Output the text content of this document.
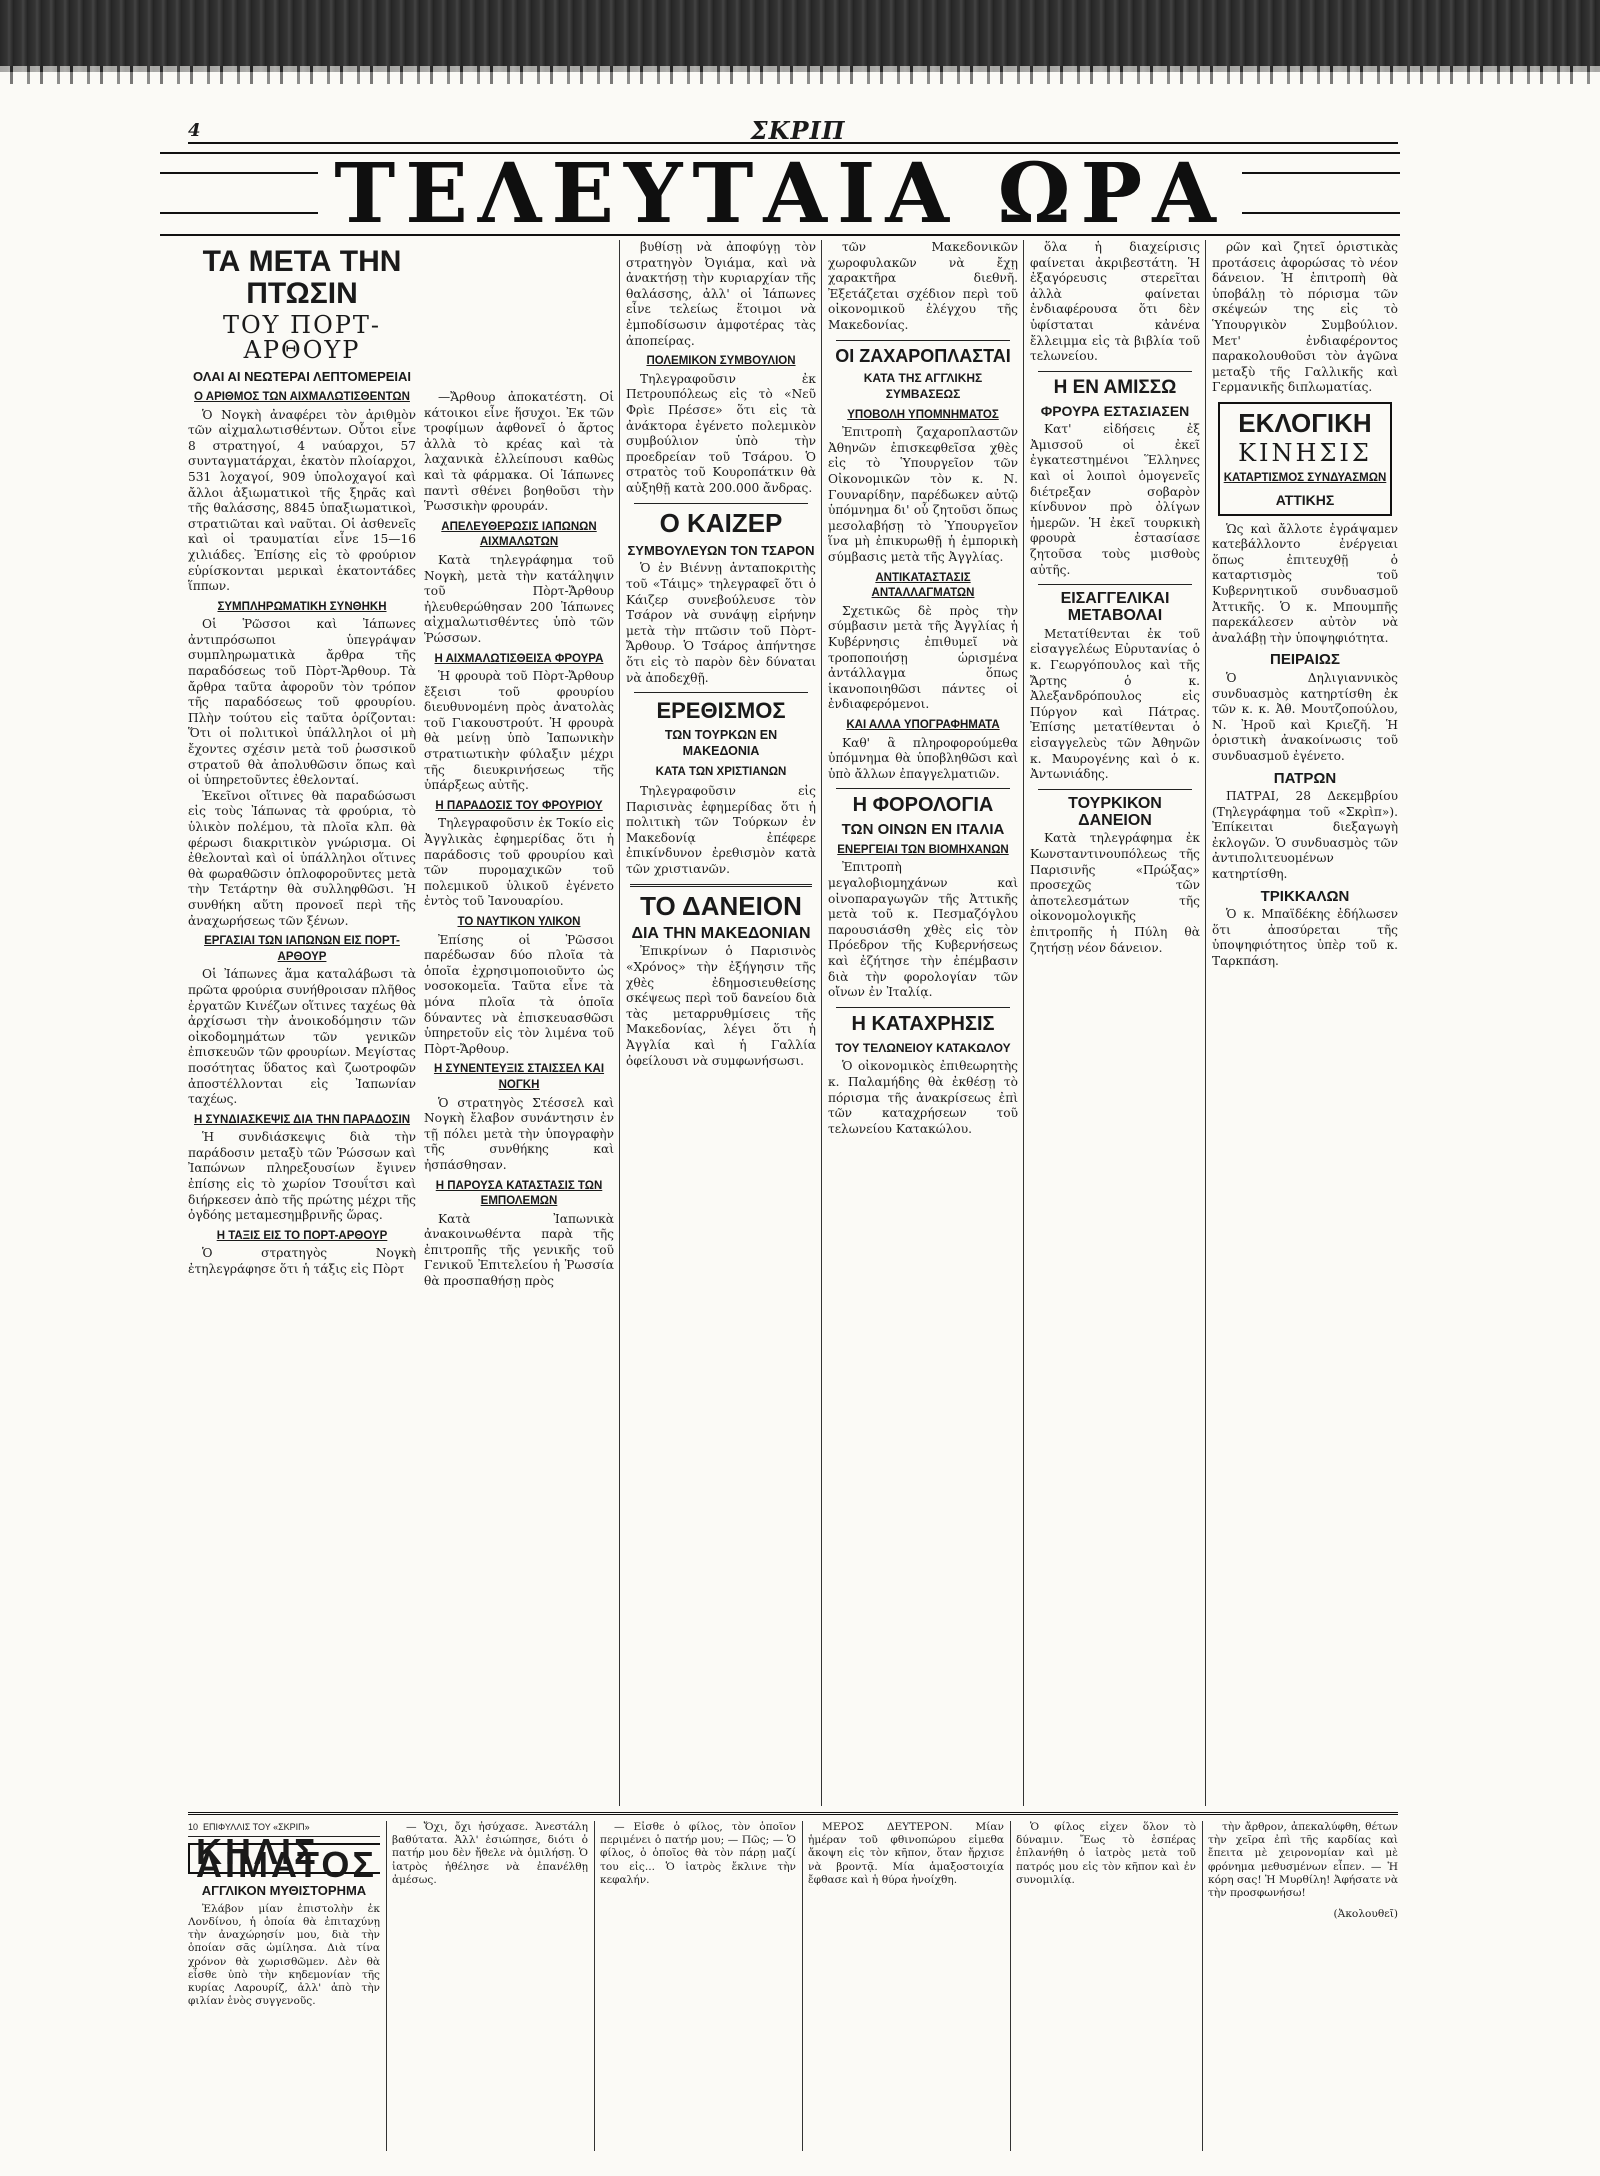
4	ΣΚΡΙΠ
ΤΕΛΕΥΤΑΙΑ ΩΡΑ
ΤΑ ΜΕΤΑ ΤΗΝ ΠΤΩΣΙΝ
ΤΟΥ ΠΟΡΤ-ΑΡΘΟΥΡ
ΟΛΑΙ ΑΙ ΝΕΩΤΕΡΑΙ ΛΕΠΤΟΜΕΡΕΙΑΙ
Ο ΑΡΙΘΜΟΣ ΤΩΝ ΑΙΧΜΑΛΩΤΙΣΘΕΝΤΩΝ

Ὁ Νογκὴ ἀναφέρει τὸν ἀριθμὸν τῶν αἰχμαλωτισθέντων. Οὗτοι εἶνε 8 στρατηγοί, 4 ναύαρχοι, 57 συνταγματάρχαι, ἑκατὸν πλοίαρχοι, 531 λοχαγοί, 909 ὑπολοχαγοί καὶ ἄλλοι ἀξιωματικοὶ τῆς ξηρᾶς καὶ τῆς θαλάσσης, 8845 ὑπαξιωματικοὶ, στρατιῶται καὶ ναῦται. Οἱ ἀσθενεῖς καὶ οἱ τραυματίαι εἶνε 15—16 χιλιάδες. Ἐπίσης εἰς τὸ φρούριον εὑρίσκονται μερικαὶ ἑκατοντάδες ἵππων.

ΣΥΜΠΛΗΡΩΜΑΤΙΚΗ ΣΥΝΘΗΚΗ

Οἱ Ῥῶσσοι καὶ Ἰάπωνες ἀντιπρόσωποι ὑπεγράψαν συμπληρωματικὰ ἄρθρα τῆς παραδόσεως τοῦ Πὸρτ-Ἄρθουρ. Τὰ ἄρθρα ταῦτα ἀφοροῦν τὸν τρόπον τῆς παραδόσεως τοῦ φρουρίου. Πλὴν τούτου εἰς ταῦτα ὁρίζονται: Ὅτι οἱ πολιτικοὶ ὑπάλληλοι οἱ μὴ ἔχοντες σχέσιν μετὰ τοῦ ῥωσσικοῦ στρατοῦ θὰ ἀπολυθῶσιν ὅπως καὶ οἱ ὑπηρετοῦντες ἐθελονταί.

Ἐκεῖνοι οἵτινες θὰ παραδώσωσι εἰς τοὺς Ἰάπωνας τὰ φρούρια, τὸ ὑλικὸν πολέμου, τὰ πλοῖα κλπ. θὰ φέρωσι διακριτικὸν γνώρισμα. Οἱ ἐθελονταὶ καὶ οἱ ὑπάλληλοι οἵτινες θὰ φωραθῶσιν ὁπλοφοροῦντες μετὰ τὴν Τετάρτην θὰ συλληφθῶσι. Ἡ συνθήκη αὕτη προνοεῖ περὶ τῆς ἀναχωρήσεως τῶν ξένων.

ΕΡΓΑΣΙΑΙ ΤΩΝ ΙΑΠΩΝΩΝ ΕΙΣ ΠΟΡΤ-ΑΡΘΟΥΡ

Οἱ Ἰάπωνες ἅμα καταλάβωσι τὰ πρῶτα φρούρια συνήθροισαν πλῆθος ἐργατῶν Κινέζων οἵτινες ταχέως θὰ ἀρχίσωσι τὴν ἀνοικοδόμησιν τῶν οἰκοδομημάτων τῶν γενικῶν ἐπισκευῶν τῶν φρουρίων. Μεγίστας ποσότητας ὕδατος καὶ ζωοτροφῶν ἀποστέλλονται εἰς Ἰαπωνίαν ταχέως.

Η ΣΥΝΔΙΑΣΚΕΨΙΣ ΔΙΑ ΤΗΝ ΠΑΡΑΔΟΣΙΝ

Ἡ συνδιάσκεψις διὰ τὴν παράδοσιν μεταξὺ τῶν Ῥώσσων καὶ Ἰαπώνων πληρεξουσίων ἔγινεν ἐπίσης εἰς τὸ χωρίον Τσουΐτσι καὶ διήρκεσεν ἀπὸ τῆς πρώτης μέχρι τῆς ὀγδόης μεταμεσημβρινῆς ὥρας.

Η ΤΑΞΙΣ ΕΙΣ ΤΟ ΠΟΡΤ-ΑΡΘΟΥΡ

Ὁ στρατηγὸς Νογκὴ ἐτηλεγράφησε ὅτι ἡ τάξις εἰς Πὸρτ

—Ἄρθουρ ἀποκατέστη. Οἱ κάτοικοι εἶνε ἥσυχοι. Ἐκ τῶν τροφίμων ἀφθονεῖ ὁ ἄρτος ἀλλὰ τὸ κρέας καὶ τὰ λαχανικὰ ἐλλείπουσι καθὼς καὶ τὰ φάρμακα. Οἱ Ἰάπωνες παντὶ σθένει βοηθοῦσι τὴν Ῥωσσικὴν φρουράν.

ΑΠΕΛΕΥΘΕΡΩΣΙΣ ΙΑΠΩΝΩΝ ΑΙΧΜΑΛΩΤΩΝ

Κατὰ τηλεγράφημα τοῦ Νογκὴ, μετὰ τὴν κατάληψιν τοῦ Πὸρτ-Ἄρθουρ ἠλευθερώθησαν 200 Ἰάπωνες αἰχμαλωτισθέντες ὑπὸ τῶν Ῥώσσων.

Η ΑΙΧΜΑΛΩΤΙΣΘΕΙΣΑ ΦΡΟΥΡΑ

Ἡ φρουρὰ τοῦ Πὸρτ-Ἄρθουρ ἔξεισι τοῦ φρουρίου διευθυνομένη πρὸς ἀνατολὰς τοῦ Γιακουστρούτ. Ἡ φρουρὰ θὰ μείνῃ ὑπὸ Ἰαπωνικὴν στρατιωτικὴν φύλαξιν μέχρι τῆς διευκρινήσεως τῆς ὑπάρξεως αὐτῆς.

Η ΠΑΡΑΔΟΣΙΣ ΤΟΥ ΦΡΟΥΡΙΟΥ

Τηλεγραφοῦσιν ἐκ Τοκίο εἰς Ἀγγλικὰς ἐφημερίδας ὅτι ἡ παράδοσις τοῦ φρουρίου καὶ τῶν πυρομαχικῶν τοῦ πολεμικοῦ ὑλικοῦ ἐγένετο ἐντὸς τοῦ Ἰανουαρίου.

ΤΟ ΝΑΥΤΙΚΟΝ ΥΛΙΚΟΝ

Ἐπίσης οἱ Ῥῶσσοι παρέδωσαν δύο πλοῖα τὰ ὁποῖα ἐχρησιμοποιοῦντο ὡς νοσοκομεῖα. Ταῦτα εἶνε τὰ μόνα πλοῖα τὰ ὁποῖα δύναντες νὰ ἐπισκευασθῶσι ὑπηρετοῦν εἰς τὸν λιμένα τοῦ Πὸρτ-Ἄρθουρ.

Η ΣΥΝΕΝΤΕΥΞΙΣ ΣΤΑΙΣΣΕΛ ΚΑΙ ΝΟΓΚΗ

Ὁ στρατηγὸς Στέσσελ καὶ Νογκὴ ἔλαβον συνάντησιν ἐν τῇ πόλει μετὰ τὴν ὑπογραφὴν τῆς συνθήκης καὶ ἠσπάσθησαν.

Η ΠΑΡΟΥΣΑ ΚΑΤΑΣΤΑΣΙΣ ΤΩΝ ΕΜΠΟΛΕΜΩΝ

Κατὰ Ἰαπωνικὰ ἀνακοινωθέντα παρὰ τῆς ἐπιτροπῆς τῆς γενικῆς τοῦ Γενικοῦ Ἐπιτελείου ἡ Ῥωσσία θὰ προσπαθήσῃ πρὸς

βυθίσῃ νὰ ἀποφύγῃ τὸν στρατηγὸν Ὀγιάμα, καὶ νὰ ἀνακτήσῃ τὴν κυριαρχίαν τῆς θαλάσσης, ἀλλ' οἱ Ἰάπωνες εἶνε τελείως ἕτοιμοι νὰ ἐμποδίσωσιν ἀμφοτέρας τὰς ἀποπείρας.

ΠΟΛΕΜΙΚΟΝ ΣΥΜΒΟΥΛΙΟΝ

Τηλεγραφοῦσιν ἐκ Πετρουπόλεως εἰς τὸ «Νεῦ Φρὶε Πρέσσε» ὅτι εἰς τὰ ἀνάκτορα ἐγένετο πολεμικὸν συμβούλιον ὑπὸ τὴν προεδρείαν τοῦ Τσάρου. Ὁ στρατὸς τοῦ Κουροπάτκιν θὰ αὐξηθῇ κατὰ 200.000 ἄνδρας.

Ο ΚΑΙΖΕΡ
ΣΥΜΒΟΥΛΕΥΩΝ ΤΟΝ ΤΣΑΡΟΝ

Ὁ ἐν Βιέννῃ ἀνταποκριτὴς τοῦ «Τάιμς» τηλεγραφεῖ ὅτι ὁ Κάιζερ συνεβούλευσε τὸν Τσάρον νὰ συνάψῃ εἰρήνην μετὰ τὴν πτῶσιν τοῦ Πὸρτ-Ἄρθουρ. Ὁ Τσάρος ἀπήντησε ὅτι εἰς τὸ παρὸν δὲν δύναται νὰ ἀποδεχθῇ.

ΕΡΕΘΙΣΜΟΣ
ΤΩΝ ΤΟΥΡΚΩΝ ΕΝ ΜΑΚΕΔΟΝΙΑ
ΚΑΤΑ ΤΩΝ ΧΡΙΣΤΙΑΝΩΝ

Τηλεγραφοῦσιν εἰς Παρισινὰς ἐφημερίδας ὅτι ἡ πολιτικὴ τῶν Τούρκων ἐν Μακεδονίᾳ ἐπέφερε ἐπικίνδυνον ἐρεθισμὸν κατὰ τῶν χριστιανῶν.

ΤΟ ΔΑΝΕΙΟΝ
ΔΙΑ ΤΗΝ ΜΑΚΕΔΟΝΙΑΝ

Ἐπικρίνων ὁ Παρισινὸς «Χρόνος» τὴν ἐξήγησιν τῆς χθὲς ἐδημοσιευθείσης σκέψεως περὶ τοῦ δανείου διὰ τὰς μεταρρυθμίσεις τῆς Μακεδονίας, λέγει ὅτι ἡ Ἀγγλία καὶ ἡ Γαλλία ὀφείλουσι νὰ συμφωνήσωσι.

τῶν Μακεδονικῶν χωροφυλακῶν νὰ ἔχῃ χαρακτῆρα διεθνῆ. Ἐξετάζεται σχέδιον περὶ τοῦ οἰκονομικοῦ ἐλέγχου τῆς Μακεδονίας.

ΟΙ ΖΑΧΑΡΟΠΛΑΣΤΑΙ
ΚΑΤΑ ΤΗΣ ΑΓΓΛΙΚΗΣ ΣΥΜΒΑΣΕΩΣ
ΥΠΟΒΟΛΗ ΥΠΟΜΝΗΜΑΤΟΣ

Ἐπιτροπὴ ζαχαροπλαστῶν Ἀθηνῶν ἐπισκεφθεῖσα χθὲς εἰς τὸ Ὑπουργεῖον τῶν Οἰκονομικῶν τὸν κ. Ν. Γουναρίδην, παρέδωκεν αὐτῷ ὑπόμνημα δι' οὗ ζητοῦσι ὅπως μεσολαβήσῃ τὸ Ὑπουργεῖον ἵνα μὴ ἐπικυρωθῇ ἡ ἐμπορικὴ σύμβασις μετὰ τῆς Ἀγγλίας.

ΑΝΤΙΚΑΤΑΣΤΑΣΙΣ ΑΝΤΑΛΛΑΓΜΑΤΩΝ

Σχετικῶς δὲ πρὸς τὴν σύμβασιν μετὰ τῆς Ἀγγλίας ἡ Κυβέρνησις ἐπιθυμεῖ νὰ τροποποιήσῃ ὡρισμένα ἀντάλλαγμα ὅπως ἱκανοποιηθῶσι πάντες οἱ ἐνδιαφερόμενοι.

ΚΑΙ ΑΛΛΑ ΥΠΟΓΡΑΦΗΜΑΤΑ

Καθ' ἃ πληροφορούμεθα ὑπόμνημα θὰ ὑποβληθῶσι καὶ ὑπὸ ἄλλων ἐπαγγελματιῶν.

Η ΦΟΡΟΛΟΓΙΑ
ΤΩΝ ΟΙΝΩΝ ΕΝ ΙΤΑΛΙΑ
ΕΝΕΡΓΕΙΑΙ ΤΩΝ ΒΙΟΜΗΧΑΝΩΝ

Ἐπιτροπὴ μεγαλοβιομηχάνων καὶ οἰνοπαραγωγῶν τῆς Ἀττικῆς μετὰ τοῦ κ. Πεσμαζόγλου παρουσιάσθη χθὲς εἰς τὸν Πρόεδρον τῆς Κυβερνήσεως καὶ ἐζήτησε τὴν ἐπέμβασιν διὰ τὴν φορολογίαν τῶν οἴνων ἐν Ἰταλίᾳ.

Η ΚΑΤΑΧΡΗΣΙΣ
ΤΟΥ ΤΕΛΩΝΕΙΟΥ ΚΑΤΑΚΩΛΟΥ

Ὁ οἰκονομικὸς ἐπιθεωρητὴς κ. Παλαμήδης θὰ ἐκθέσῃ τὸ πόρισμα τῆς ἀνακρίσεως ἐπὶ τῶν καταχρήσεων τοῦ τελωνείου Κατακώλου.

ὅλα ἡ διαχείρισις φαίνεται ἀκριβεστάτη. Ἡ ἐξαγόρευσις στερεῖται ἀλλὰ φαίνεται ἐνδιαφέρουσα ὅτι δὲν ὑφίσταται κἀνένα ἔλλειμμα εἰς τὰ βιβλία τοῦ τελωνείου.

Η ΕΝ ΑΜΙΣΣΩ
ΦΡΟΥΡΑ ΕΣΤΑΣΙΑΣΕΝ

Κατ' εἰδήσεις ἐξ Ἀμισσοῦ οἱ ἐκεῖ ἐγκατεστημένοι Ἕλληνες καὶ οἱ λοιποὶ ὁμογενεῖς διέτρεξαν σοβαρὸν κίνδυνον πρὸ ὀλίγων ἡμερῶν. Ἡ ἐκεῖ τουρκικὴ φρουρὰ ἐστασίασε ζητοῦσα τοὺς μισθοὺς αὐτῆς.

ΕΙΣΑΓΓΕΛΙΚΑΙ ΜΕΤΑΒΟΛΑΙ

Μετατίθενται ἐκ τοῦ εἰσαγγελέως Εὐρυτανίας ὁ κ. Γεωργόπουλος καὶ τῆς Ἄρτης ὁ κ. Ἀλεξανδρόπουλος εἰς Πύργον καὶ Πάτρας. Ἐπίσης μετατίθενται ὁ εἰσαγγελεὺς τῶν Ἀθηνῶν κ. Μαυρογένης καὶ ὁ κ. Ἀντωνιάδης.

ΤΟΥΡΚΙΚΟΝ ΔΑΝΕΙΟΝ

Κατὰ τηλεγράφημα ἐκ Κωνσταντινουπόλεως τῆς Παρισινῆς «Πρώξας» προσεχῶς τῶν ἀποτελεσμάτων τῆς οἰκονομολογικῆς ἐπιτροπῆς ἡ Πύλη θὰ ζητήσῃ νέον δάνειον.

ρῶν καὶ ζητεῖ ὁριστικὰς προτάσεις ἀφορώσας τὸ νέον δάνειον. Ἡ ἐπιτροπὴ θὰ ὑποβάλῃ τὸ πόρισμα τῶν σκέψεών της εἰς τὸ Ὑπουργικὸν Συμβούλιον. Μετ' ἐνδιαφέροντος παρακολουθοῦσι τὸν ἀγῶνα μεταξὺ τῆς Γαλλικῆς καὶ Γερμανικῆς διπλωματίας.

ΕΚΛΟΓΙΚΗ
ΚΙΝΗΣΙΣ
ΚΑΤΑΡΤΙΣΜΟΣ ΣΥΝΔΥΑΣΜΩΝ
ΑΤΤΙΚΗΣ

Ὡς καὶ ἄλλοτε ἐγράψαμεν κατεβάλλοντο ἐνέργειαι ὅπως ἐπιτευχθῇ ὁ καταρτισμὸς τοῦ Κυβερνητικοῦ συνδυασμοῦ Ἀττικῆς. Ὁ κ. Μπουμπῆς παρεκάλεσεν αὐτὸν νὰ ἀναλάβῃ τὴν ὑποψηφιότητα.

ΠΕΙΡΑΙΩΣ

Ὁ Δηλιγιαννικὸς συνδυασμὸς κατηρτίσθη ἐκ τῶν κ. κ. Ἀθ. Μουτζοπούλου, Ν. Ἠροῦ καὶ Κριεζῆ. Ἡ ὁριστικὴ ἀνακοίνωσις τοῦ συνδυασμοῦ ἐγένετο.

ΠΑΤΡΩΝ

ΠΑΤΡΑΙ, 28 Δεκεμβρίου (Τηλεγράφημα τοῦ «Σκρὶπ»). Ἐπίκειται διεξαγωγὴ ἐκλογῶν. Ὁ συνδυασμὸς τῶν ἀντιπολιτευομένων κατηρτίσθη.

ΤΡΙΚΚΑΛΩΝ

Ὁ κ. Μπαϊδέκης ἐδήλωσεν ὅτι ἀποσύρεται τῆς ὑποψηφιότητος ὑπὲρ τοῦ κ. Ταρκπάση.

10 ΕΠΙΦΥΛΛΙΣ ΤΟΥ «ΣΚΡΙΠ»
ΚΗΛΙΣ ΑΙΜΑΤΟΣ
ΑΓΓΛΙΚΟΝ ΜΥΘΙΣΤΟΡΗΜΑ

Ἐλάβον μίαν ἐπιστολὴν ἐκ Λονδίνου, ἡ ὁποία θὰ ἐπιταχύνῃ τὴν ἀναχώρησίν μου, διὰ τὴν ὁποίαν σᾶς ὡμίλησα. Διὰ τίνα χρόνον θὰ χωρισθῶμεν. Δὲν θὰ εἶσθε ὑπὸ τὴν κηδεμονίαν τῆς κυρίας Λαρουρίζ, ἀλλ' ἀπὸ τὴν φιλίαν ἑνὸς συγγενοῦς.

— Ὄχι, ὄχι ἠσύχασε. Ἀνεστάλη βαθύτατα. Ἀλλ' ἐσιώπησε, διότι ὁ πατήρ μου δὲν ἤθελε νὰ ὁμιλήσῃ. Ὁ ἰατρὸς ἠθέλησε νὰ ἐπανέλθῃ ἀμέσως.

— Εἶσθε ὁ φίλος, τὸν ὁποῖον περιμένει ὁ πατήρ μου; — Πῶς; — Ὁ φίλος, ὁ ὁποῖος θὰ τὸν πάρῃ μαζί του εἰς... Ὁ ἰατρὸς ἔκλινε τὴν κεφαλήν.

ΜΕΡΟΣ ΔΕΥΤΕΡΟΝ. Μίαν ἡμέραν τοῦ φθινοπώρου εἰμεθα ἄκοψη εἰς τὸν κῆπον, ὅταν ἤρχισε νὰ βροντᾷ. Μία ἀμαξοστοιχία ἔφθασε καὶ ἡ θύρα ἠνοίχθη.

Ὁ φίλος εἶχεν ὅλον τὸ δύναμιν. Ἔως τὸ ἑσπέρας ἐπλανήθη ὁ ἰατρὸς μετὰ τοῦ πατρός μου εἰς τὸν κῆπον καὶ ἐν συνομιλίᾳ.

τὴν ἄρθρον, ἀπεκαλύφθη, θέτων τὴν χεῖρα ἐπὶ τῆς καρδίας καὶ ἔπειτα μὲ χειρονομίαν καὶ μὲ φρόνημα μεθυσμένων εἶπεν. — Ἡ κόρη σας! Ἡ Μυρθίλη! Ἀφήσατε νὰ τὴν προσφωνήσω!

(Ἀκολουθεῖ)
